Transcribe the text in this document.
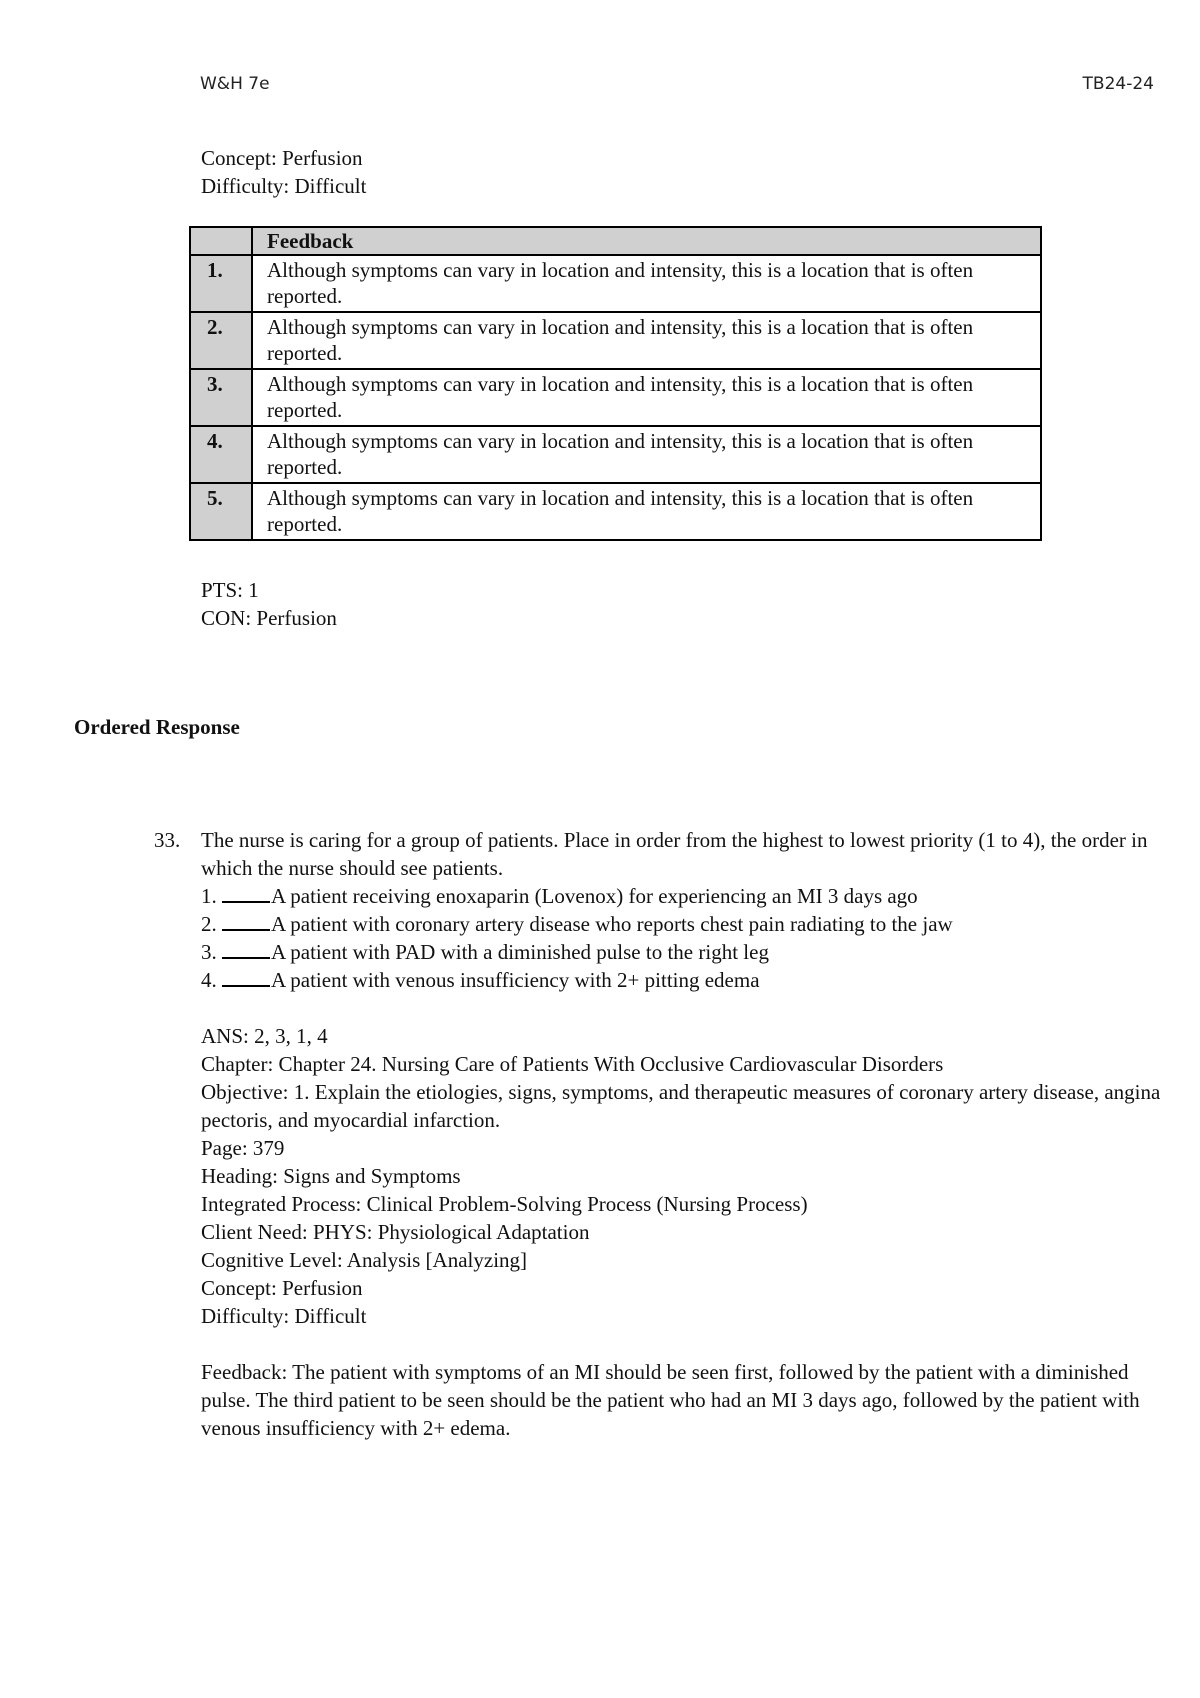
W&H 7e	TB24-24
Concept: Perfusion
Difficulty: Difficult
	Feedback
1.	Although symptoms can vary in location and intensity, this is a location that is often reported.
2.	Although symptoms can vary in location and intensity, this is a location that is often reported.
3.	Although symptoms can vary in location and intensity, this is a location that is often reported.
4.	Although symptoms can vary in location and intensity, this is a location that is often reported.
5.	Although symptoms can vary in location and intensity, this is a location that is often reported.
PTS: 1
CON: Perfusion
Ordered Response
33. The nurse is caring for a group of patients. Place in order from the highest to lowest priority (1 to 4), the order in which the nurse should see patients.
1.	A patient receiving enoxaparin (Lovenox) for experiencing an MI 3 days ago
2.	A patient with coronary artery disease who reports chest pain radiating to the jaw
3.	A patient with PAD with a diminished pulse to the right leg
4.	A patient with venous insufficiency with 2+ pitting edema
ANS: 2, 3, 1, 4
Chapter: Chapter 24. Nursing Care of Patients With Occlusive Cardiovascular Disorders
Objective: 1. Explain the etiologies, signs, symptoms, and therapeutic measures of coronary artery disease, angina pectoris, and myocardial infarction.
Page: 379
Heading: Signs and Symptoms
Integrated Process: Clinical Problem-Solving Process (Nursing Process)
Client Need: PHYS: Physiological Adaptation
Cognitive Level: Analysis [Analyzing]
Concept: Perfusion
Difficulty: Difficult
Feedback: The patient with symptoms of an MI should be seen first, followed by the patient with a diminished pulse. The third patient to be seen should be the patient who had an MI 3 days ago, followed by the patient with venous insufficiency with 2+ edema.
